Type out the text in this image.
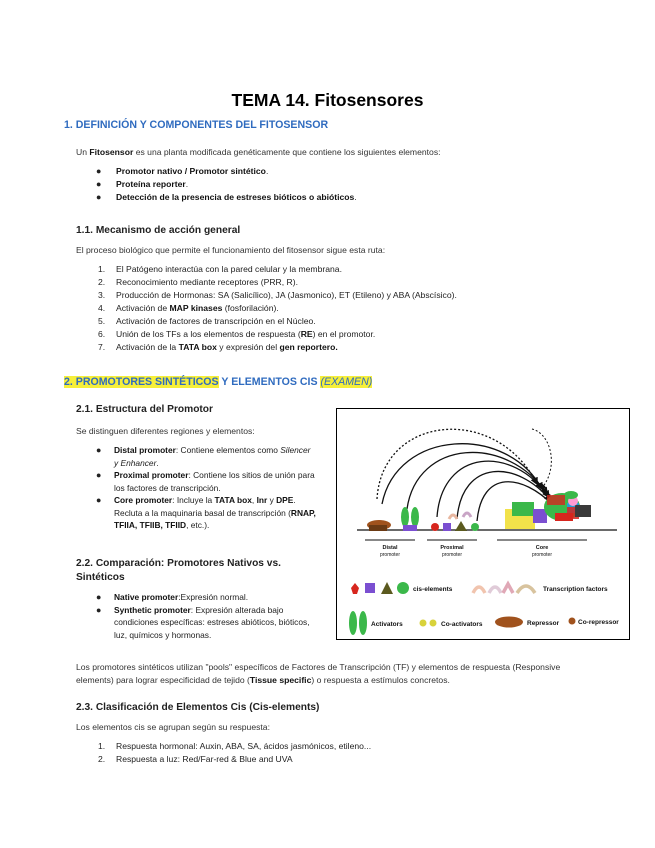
TEMA 14. Fitosensores
1. DEFINICIÓN Y COMPONENTES DEL FITOSENSOR
Un Fitosensor es una planta modificada genéticamente que contiene los siguientes elementos:
● Promotor nativo / Promotor sintético.
● Proteína reporter.
● Detección de la presencia de estreses bióticos o abióticos.
1.1. Mecanismo de acción general
El proceso biológico que permite el funcionamiento del fitosensor sigue esta ruta:
1. El Patógeno interactúa con la pared celular y la membrana.
2. Reconocimiento mediante receptores (PRR, R).
3. Producción de Hormonas: SA (Salicílico), JA (Jasmonico), ET (Etileno) y ABA (Abscísico).
4. Activación de MAP kinases (fosforilación).
5. Activación de factores de transcripción en el Núcleo.
6. Unión de los TFs a los elementos de respuesta (RE) en el promotor.
7. Activación de la TATA box y expresión del gen reportero.
2. PROMOTORES SINTÉTICOS Y ELEMENTOS CIS (EXAMEN)
2.1. Estructura del Promotor
Se distinguen diferentes regiones y elementos:
● Distal promoter: Contiene elementos como Silencer y Enhancer.
● Proximal promoter: Contiene los sitios de unión para los factores de transcripción.
● Core promoter: Incluye la TATA box, Inr y DPE. Recluta a la maquinaria basal de transcripción (RNAP, TFIIA, TFIIB, TFIID, etc.).
2.2. Comparación: Promotores Nativos vs. Sintéticos
● Native promoter:Expresión normal.
● Synthetic promoter: Expresión alterada bajo condiciones específicas: estreses abióticos, bióticos, luz, químicos y hormonas.
Distal
promoter
Proximal
promoter
Core
promoter
cis-elements	Transcription factors
Activators	Co-activators	Repressor	Co-repressor
Los promotores sintéticos utilizan "pools" específicos de Factores de Transcripción (TF) y elementos de respuesta (Responsive elements) para lograr especificidad de tejido (Tissue specific) o respuesta a estímulos concretos.
2.3. Clasificación de Elementos Cis (Cis-elements)
Los elementos cis se agrupan según su respuesta:
1. Respuesta hormonal: Auxin, ABA, SA, ácidos jasmónicos, etileno...
2. Respuesta a luz: Red/Far-red & Blue and UVA
